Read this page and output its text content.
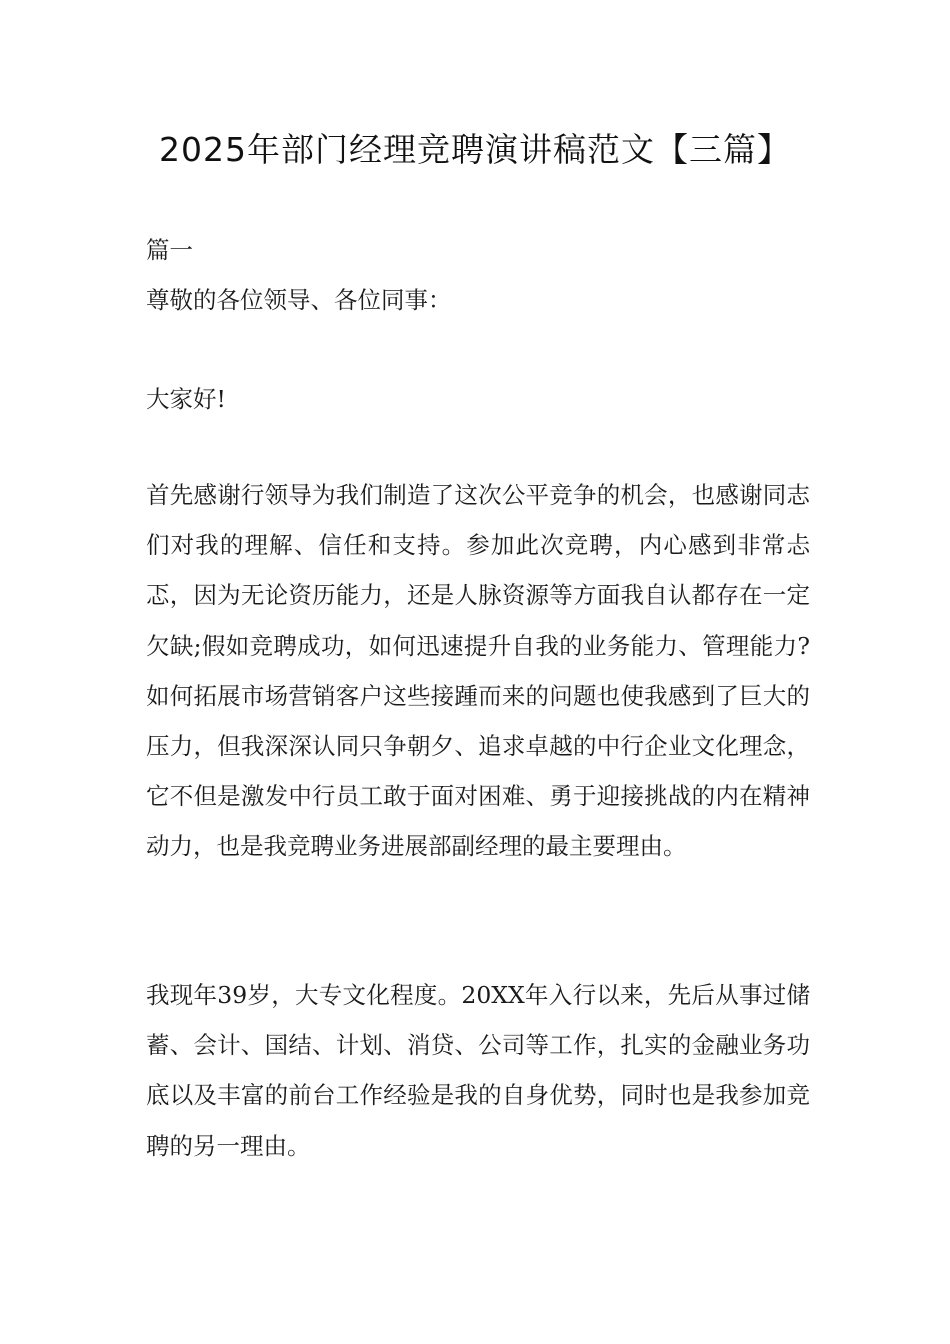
2025年部门经理竞聘演讲稿范文【三篇】
篇一
尊敬的各位领导、各位同事：
大家好!
首先感谢行领导为我们制造了这次公平竞争的机会，也感谢同志们对我的理解、信任和支持。参加此次竞聘，内心感到非常忐忑，因为无论资历能力，还是人脉资源等方面我自认都存在一定欠缺;假如竞聘成功，如何迅速提升自我的业务能力、管理能力?如何拓展市场营销客户这些接踵而来的问题也使我感到了巨大的压力，但我深深认同只争朝夕、追求卓越的中行企业文化理念，它不但是激发中行员工敢于面对困难、勇于迎接挑战的内在精神动力，也是我竞聘业务进展部副经理的最主要理由。
我现年39岁，大专文化程度。20XX年入行以来，先后从事过储蓄、会计、国结、计划、消贷、公司等工作，扎实的金融业务功底以及丰富的前台工作经验是我的自身优势，同时也是我参加竞聘的另一理由。
